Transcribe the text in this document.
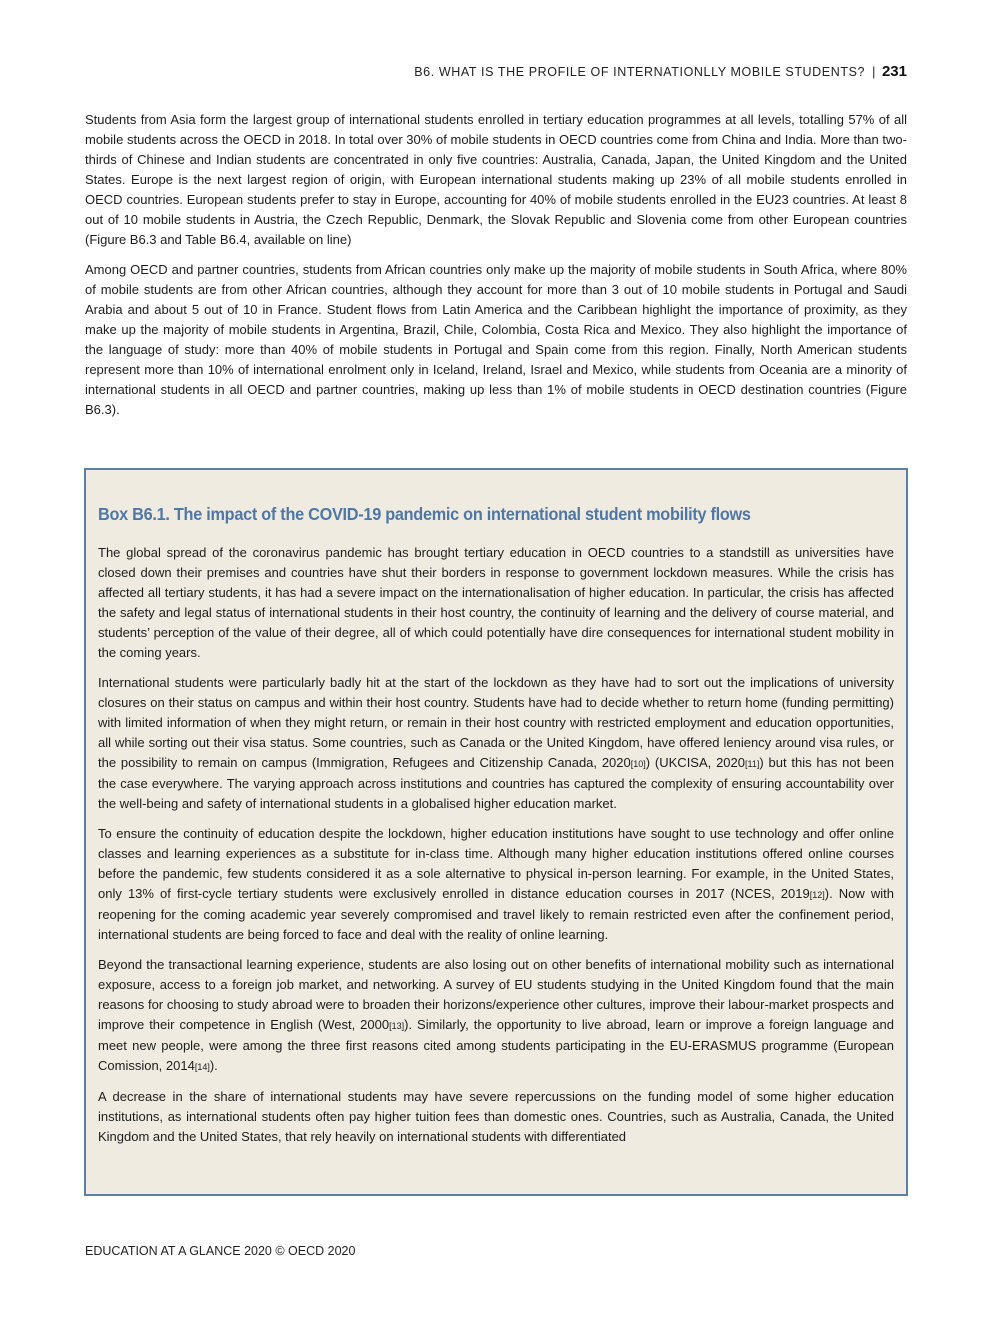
B6. WHAT IS THE PROFILE OF INTERNATIONLLY MOBILE STUDENTS? | 231

Students from Asia form the largest group of international students enrolled in tertiary education programmes at all levels, totalling 57% of all mobile students across the OECD in 2018. In total over 30% of mobile students in OECD countries come from China and India. More than two-thirds of Chinese and Indian students are concentrated in only five countries: Australia, Canada, Japan, the United Kingdom and the United States. Europe is the next largest region of origin, with European international students making up 23% of all mobile students enrolled in OECD countries. European students prefer to stay in Europe, accounting for 40% of mobile students enrolled in the EU23 countries. At least 8 out of 10 mobile students in Austria, the Czech Republic, Denmark, the Slovak Republic and Slovenia come from other European countries (Figure B6.3 and Table B6.4, available on line)

Among OECD and partner countries, students from African countries only make up the majority of mobile students in South Africa, where 80% of mobile students are from other African countries, although they account for more than 3 out of 10 mobile students in Portugal and Saudi Arabia and about 5 out of 10 in France. Student flows from Latin America and the Caribbean highlight the importance of proximity, as they make up the majority of mobile students in Argentina, Brazil, Chile, Colombia, Costa Rica and Mexico. They also highlight the importance of the language of study: more than 40% of mobile students in Portugal and Spain come from this region. Finally, North American students represent more than 10% of international enrolment only in Iceland, Ireland, Israel and Mexico, while students from Oceania are a minority of international students in all OECD and partner countries, making up less than 1% of mobile students in OECD destination countries (Figure B6.3).

Box B6.1. The impact of the COVID-19 pandemic on international student mobility flows

The global spread of the coronavirus pandemic has brought tertiary education in OECD countries to a standstill as universities have closed down their premises and countries have shut their borders in response to government lockdown measures. While the crisis has affected all tertiary students, it has had a severe impact on the internationalisation of higher education. In particular, the crisis has affected the safety and legal status of international students in their host country, the continuity of learning and the delivery of course material, and students’ perception of the value of their degree, all of which could potentially have dire consequences for international student mobility in the coming years.

International students were particularly badly hit at the start of the lockdown as they have had to sort out the implications of university closures on their status on campus and within their host country. Students have had to decide whether to return home (funding permitting) with limited information of when they might return, or remain in their host country with restricted employment and education opportunities, all while sorting out their visa status. Some countries, such as Canada or the United Kingdom, have offered leniency around visa rules, or the possibility to remain on campus (Immigration, Refugees and Citizenship Canada, 2020[10]) (UKCISA, 2020[11]) but this has not been the case everywhere. The varying approach across institutions and countries has captured the complexity of ensuring accountability over the well-being and safety of international students in a globalised higher education market.

To ensure the continuity of education despite the lockdown, higher education institutions have sought to use technology and offer online classes and learning experiences as a substitute for in-class time. Although many higher education institutions offered online courses before the pandemic, few students considered it as a sole alternative to physical in-person learning. For example, in the United States, only 13% of first-cycle tertiary students were exclusively enrolled in distance education courses in 2017 (NCES, 2019[12]). Now with reopening for the coming academic year severely compromised and travel likely to remain restricted even after the confinement period, international students are being forced to face and deal with the reality of online learning.

Beyond the transactional learning experience, students are also losing out on other benefits of international mobility such as international exposure, access to a foreign job market, and networking. A survey of EU students studying in the United Kingdom found that the main reasons for choosing to study abroad were to broaden their horizons/experience other cultures, improve their labour-market prospects and improve their competence in English (West, 2000[13]). Similarly, the opportunity to live abroad, learn or improve a foreign language and meet new people, were among the three first reasons cited among students participating in the EU-ERASMUS programme (European Comission, 2014[14]).

A decrease in the share of international students may have severe repercussions on the funding model of some higher education institutions, as international students often pay higher tuition fees than domestic ones. Countries, such as Australia, Canada, the United Kingdom and the United States, that rely heavily on international students with differentiated

EDUCATION AT A GLANCE 2020 © OECD 2020
